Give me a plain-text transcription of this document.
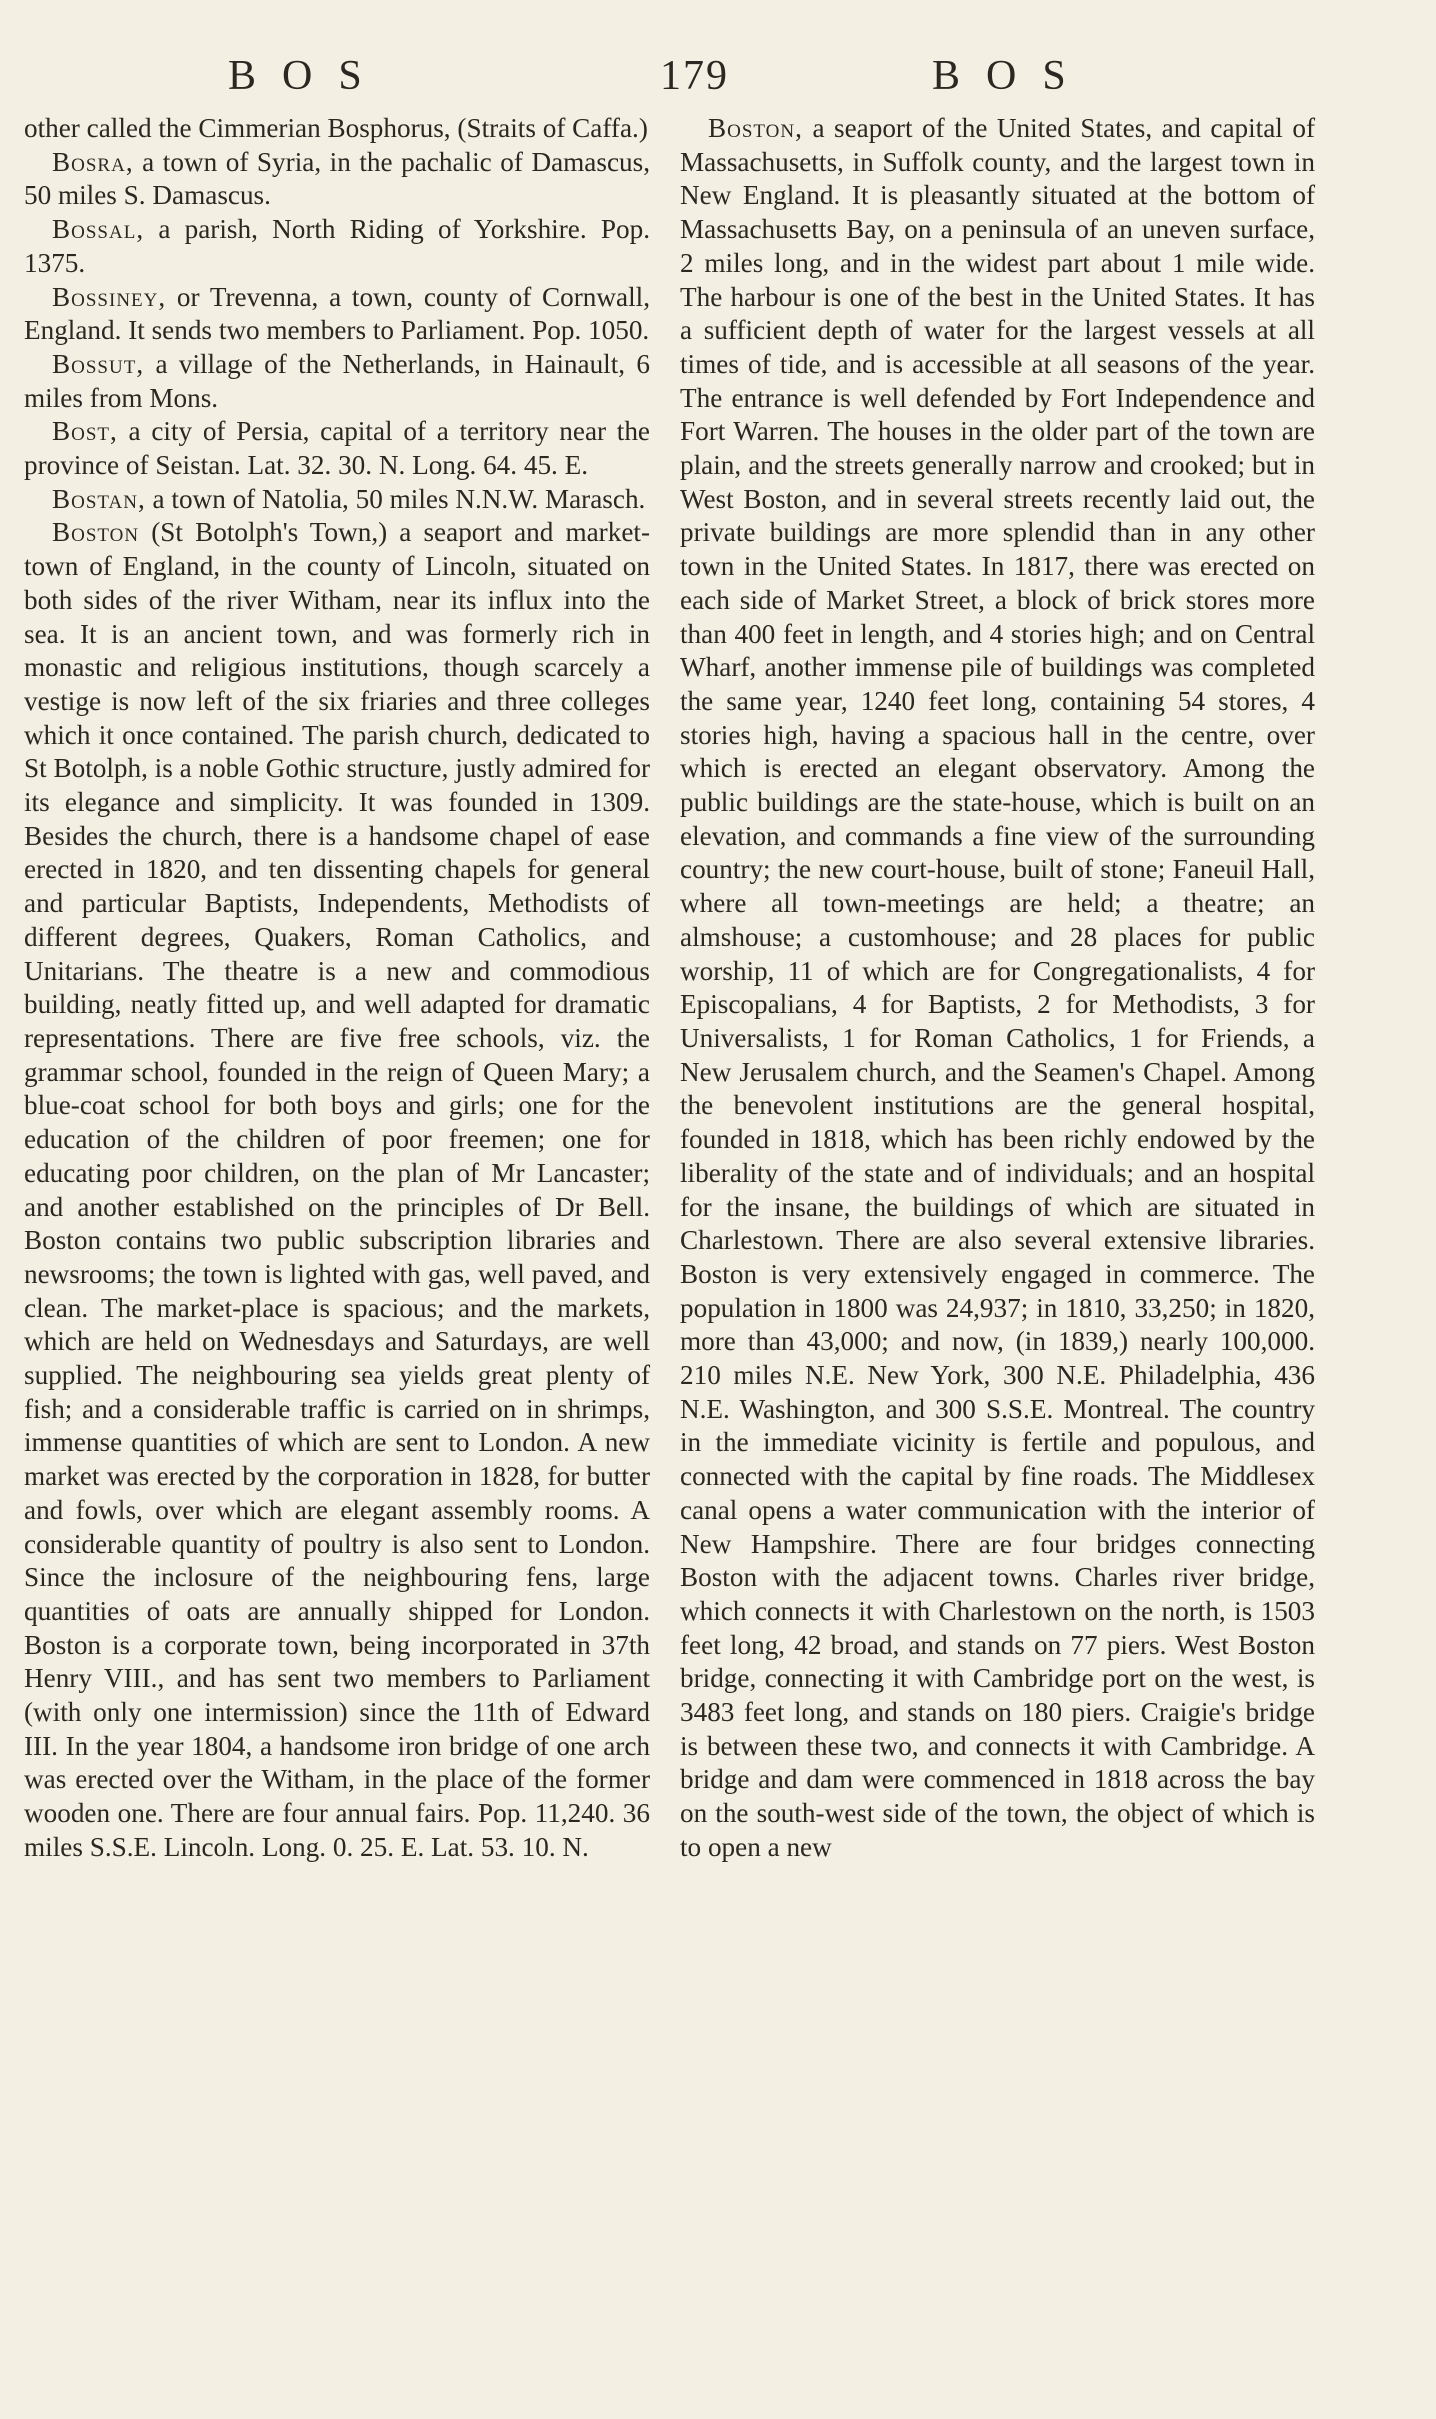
BOS	179	BOS

other called the Cimmerian Bosphorus, (Straits of Caffa.)

Bosra, a town of Syria, in the pachalic of Damascus, 50 miles S. Damascus.

Bossal, a parish, North Riding of Yorkshire. Pop. 1375.

Bossiney, or Trevenna, a town, county of Cornwall, England. It sends two members to Parliament. Pop. 1050.

Bossut, a village of the Netherlands, in Hainault, 6 miles from Mons.

Bost, a city of Persia, capital of a territory near the province of Seistan. Lat. 32. 30. N. Long. 64. 45. E.

Bostan, a town of Natolia, 50 miles N.N.W. Marasch.

Boston (St Botolph's Town,) a seaport and market-town of England, in the county of Lincoln, situated on both sides of the river Witham, near its influx into the sea. It is an ancient town, and was formerly rich in monastic and religious institutions, though scarcely a vestige is now left of the six friaries and three colleges which it once contained. The parish church, dedicated to St Botolph, is a noble Gothic structure, justly admired for its elegance and simplicity. It was founded in 1309. Besides the church, there is a handsome chapel of ease erected in 1820, and ten dissenting chapels for general and particular Baptists, Independents, Methodists of different degrees, Quakers, Roman Catholics, and Unitarians. The theatre is a new and commodious building, neatly fitted up, and well adapted for dramatic representations. There are five free schools, viz. the grammar school, founded in the reign of Queen Mary; a blue-coat school for both boys and girls; one for the education of the children of poor freemen; one for educating poor children, on the plan of Mr Lancaster; and another established on the principles of Dr Bell. Boston contains two public subscription libraries and newsrooms; the town is lighted with gas, well paved, and clean. The market-place is spacious; and the markets, which are held on Wednesdays and Saturdays, are well supplied. The neighbouring sea yields great plenty of fish; and a considerable traffic is carried on in shrimps, immense quantities of which are sent to London. A new market was erected by the corporation in 1828, for butter and fowls, over which are elegant assembly rooms. A considerable quantity of poultry is also sent to London. Since the inclosure of the neighbouring fens, large quantities of oats are annually shipped for London. Boston is a corporate town, being incorporated in 37th Henry VIII., and has sent two members to Parliament (with only one intermission) since the 11th of Edward III. In the year 1804, a handsome iron bridge of one arch was erected over the Witham, in the place of the former wooden one. There are four annual fairs. Pop. 11,240. 36 miles S.S.E. Lincoln. Long. 0. 25. E. Lat. 53. 10. N.

Boston, a seaport of the United States, and capital of Massachusetts, in Suffolk county, and the largest town in New England. It is pleasantly situated at the bottom of Massachusetts Bay, on a peninsula of an uneven surface, 2 miles long, and in the widest part about 1 mile wide. The harbour is one of the best in the United States. It has a sufficient depth of water for the largest vessels at all times of tide, and is accessible at all seasons of the year. The entrance is well defended by Fort Independence and Fort Warren. The houses in the older part of the town are plain, and the streets generally narrow and crooked; but in West Boston, and in several streets recently laid out, the private buildings are more splendid than in any other town in the United States. In 1817, there was erected on each side of Market Street, a block of brick stores more than 400 feet in length, and 4 stories high; and on Central Wharf, another immense pile of buildings was completed the same year, 1240 feet long, containing 54 stores, 4 stories high, having a spacious hall in the centre, over which is erected an elegant observatory. Among the public buildings are the state-house, which is built on an elevation, and commands a fine view of the surrounding country; the new court-house, built of stone; Faneuil Hall, where all town-meetings are held; a theatre; an almshouse; a customhouse; and 28 places for public worship, 11 of which are for Congregationalists, 4 for Episcopalians, 4 for Baptists, 2 for Methodists, 3 for Universalists, 1 for Roman Catholics, 1 for Friends, a New Jerusalem church, and the Seamen's Chapel. Among the benevolent institutions are the general hospital, founded in 1818, which has been richly endowed by the liberality of the state and of individuals; and an hospital for the insane, the buildings of which are situated in Charlestown. There are also several extensive libraries. Boston is very extensively engaged in commerce. The population in 1800 was 24,937; in 1810, 33,250; in 1820, more than 43,000; and now, (in 1839,) nearly 100,000. 210 miles N.E. New York, 300 N.E. Philadelphia, 436 N.E. Washington, and 300 S.S.E. Montreal. The country in the immediate vicinity is fertile and populous, and connected with the capital by fine roads. The Middlesex canal opens a water communication with the interior of New Hampshire. There are four bridges connecting Boston with the adjacent towns. Charles river bridge, which connects it with Charlestown on the north, is 1503 feet long, 42 broad, and stands on 77 piers. West Boston bridge, connecting it with Cambridge port on the west, is 3483 feet long, and stands on 180 piers. Craigie's bridge is between these two, and connects it with Cambridge. A bridge and dam were commenced in 1818 across the bay on the south-west side of the town, the object of which is to open a new
